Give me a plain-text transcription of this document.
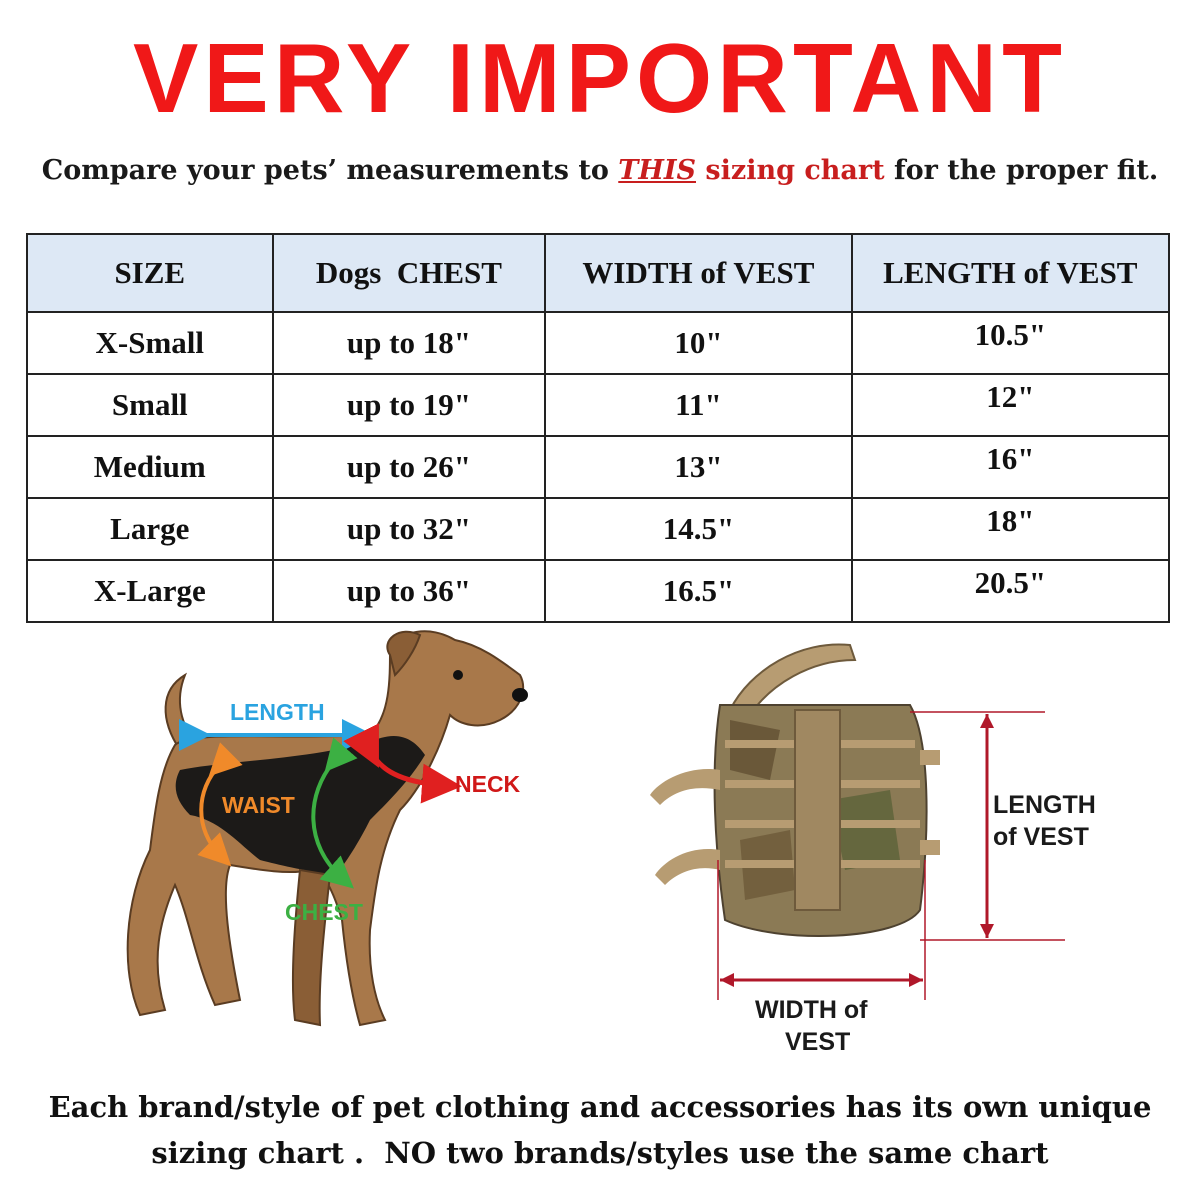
VERY IMPORTANT
Compare your pets’ measurements to THIS sizing chart for the proper fit.
SIZE	Dogs  CHEST	WIDTH of VEST	LENGTH of VEST
X-Small	up to 18"	10"	10.5"
Small	up to 19"	11"	12"
Medium	up to 26"	13"	16"
Large	up to 32"	14.5"	18"
X-Large	up to 36"	16.5"	20.5"
LENGTH
WAIST
NECK
CHEST
LENGTH
of VEST
WIDTH of
VEST
Each brand/style of pet clothing and accessories has its own unique
sizing chart .  NO two brands/styles use the same chart
